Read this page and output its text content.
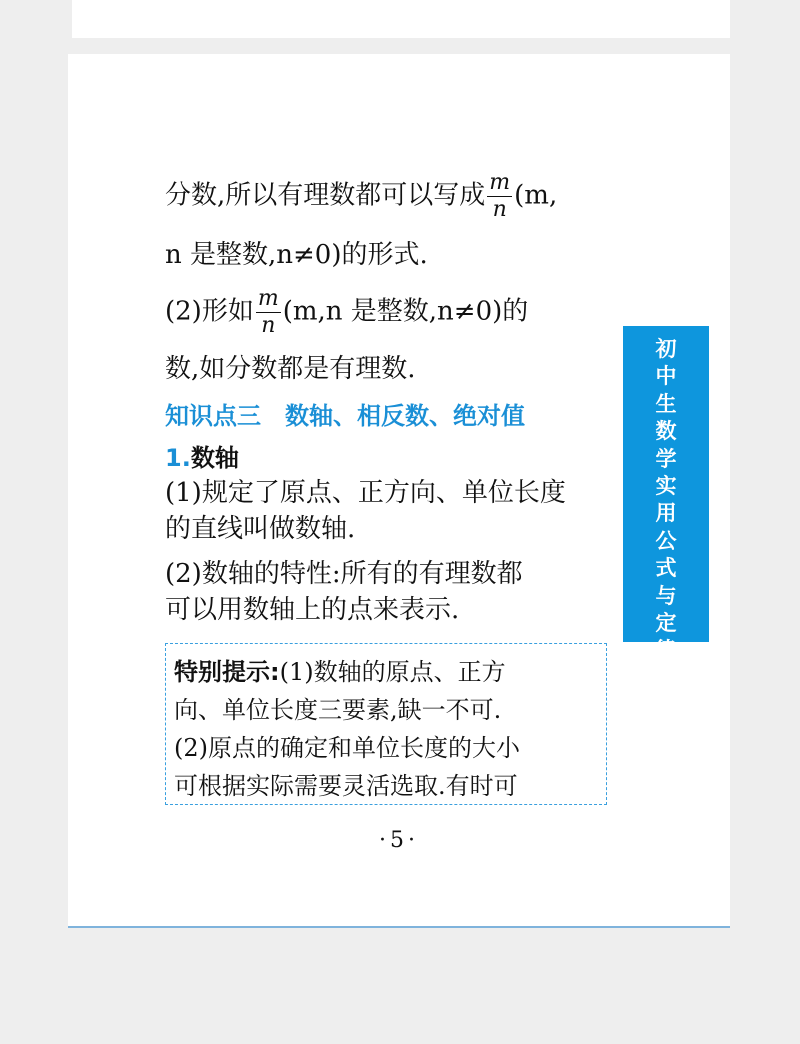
分数,所以有理数都可以写成 $\frac{m}{n} (m$,
n 是整数,n≠0)的形式.
(2)形如 $\frac{m}{n} (m,n$ 是整数,n≠0)的
数,如分数都是有理数.
知识点三　数轴、相反数、绝对值
1.数轴
(1)规定了原点、正方向、单位长度
的直线叫做数轴.
(2)数轴的特性:所有的有理数都
可以用数轴上的点来表示.
特别提示:(1)数轴的原点、正方
向、单位长度三要素,缺一不可.
(2)原点的确定和单位长度的大小
可根据实际需要灵活选取.有时可
初中生数学实用公式与定律
·5·
